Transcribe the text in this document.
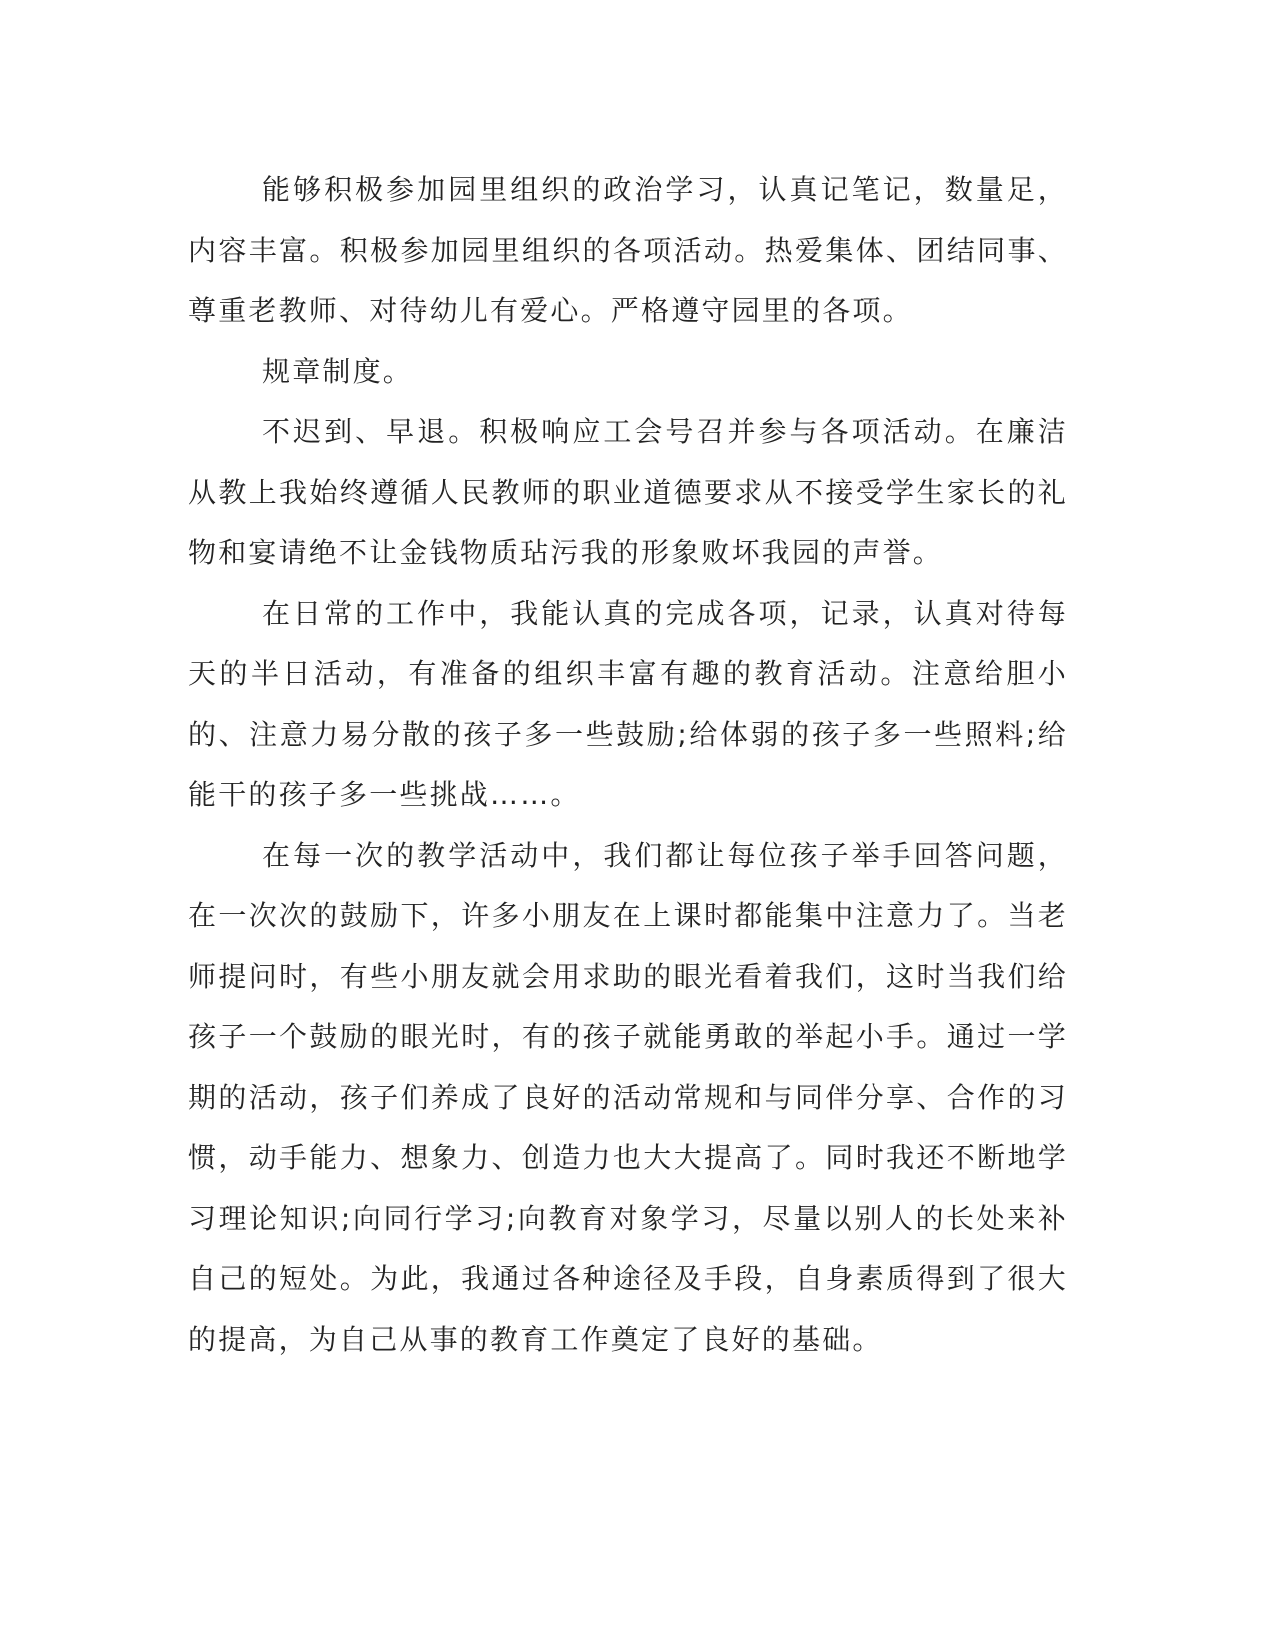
能够积极参加园里组织的政治学习，认真记笔记，数量足，内容丰富。积极参加园里组织的各项活动。热爱集体、团结同事、尊重老教师、对待幼儿有爱心。严格遵守园里的各项。

规章制度。

不迟到、早退。积极响应工会号召并参与各项活动。在廉洁从教上我始终遵循人民教师的职业道德要求从不接受学生家长的礼物和宴请绝不让金钱物质玷污我的形象败坏我园的声誉。

在日常的工作中，我能认真的完成各项，记录，认真对待每天的半日活动，有准备的组织丰富有趣的教育活动。注意给胆小的、注意力易分散的孩子多一些鼓励;给体弱的孩子多一些照料;给能干的孩子多一些挑战……。

在每一次的教学活动中，我们都让每位孩子举手回答问题，在一次次的鼓励下，许多小朋友在上课时都能集中注意力了。当老师提问时，有些小朋友就会用求助的眼光看着我们，这时当我们给孩子一个鼓励的眼光时，有的孩子就能勇敢的举起小手。通过一学期的活动，孩子们养成了良好的活动常规和与同伴分享、合作的习惯，动手能力、想象力、创造力也大大提高了。同时我还不断地学习理论知识;向同行学习;向教育对象学习，尽量以别人的长处来补自己的短处。为此，我通过各种途径及手段，自身素质得到了很大的提高，为自己从事的教育工作奠定了良好的基础。
